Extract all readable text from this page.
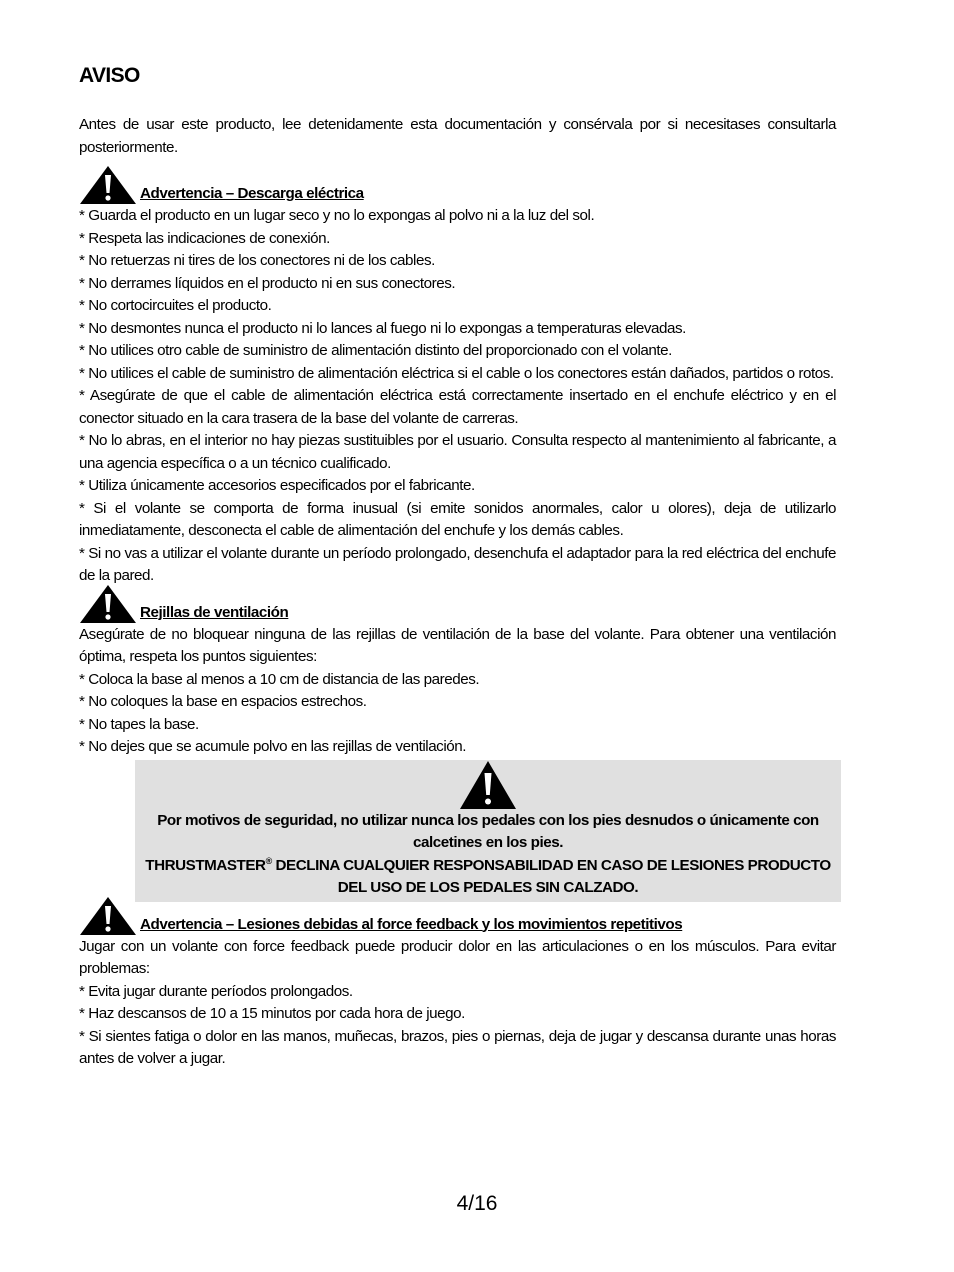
AVISO

Antes de usar este producto, lee detenidamente esta documentación y consérvala por si necesitases consultarla posteriormente.

Advertencia – Descarga eléctrica
* Guarda el producto en un lugar seco y no lo expongas al polvo ni a la luz del sol.
* Respeta las indicaciones de conexión.
* No retuerzas ni tires de los conectores ni de los cables.
* No derrames líquidos en el producto ni en sus conectores.
* No cortocircuites el producto.
* No desmontes nunca el producto ni lo lances al fuego ni lo expongas a temperaturas elevadas.
* No utilices otro cable de suministro de alimentación distinto del proporcionado con el volante.
* No utilices el cable de suministro de alimentación eléctrica si el cable o los conectores están dañados, partidos o rotos.
* Asegúrate de que el cable de alimentación eléctrica está correctamente insertado en el enchufe eléctrico y en el conector situado en la cara trasera de la base del volante de carreras.
* No lo abras, en el interior no hay piezas sustituibles por el usuario. Consulta respecto al mantenimiento al fabricante, a una agencia específica o a un técnico cualificado.
* Utiliza únicamente accesorios especificados por el fabricante.
* Si el volante se comporta de forma inusual (si emite sonidos anormales, calor u olores), deja de utilizarlo inmediatamente, desconecta el cable de alimentación del enchufe y los demás cables.
* Si no vas a utilizar el volante durante un período prolongado, desenchufa el adaptador para la red eléctrica del enchufe de la pared.
Rejillas de ventilación

Asegúrate de no bloquear ninguna de las rejillas de ventilación de la base del volante. Para obtener una ventilación óptima, respeta los puntos siguientes:

* Coloca la base al menos a 10 cm de distancia de las paredes.
* No coloques la base en espacios estrechos.
* No tapes la base.
* No dejes que se acumule polvo en las rejillas de ventilación.

Por motivos de seguridad, no utilizar nunca los pedales con los pies desnudos o únicamente con calcetines en los pies.

THRUSTMASTER® DECLINA CUALQUIER RESPONSABILIDAD EN CASO DE LESIONES PRODUCTO DEL USO DE LOS PEDALES SIN CALZADO.

Advertencia – Lesiones debidas al force feedback y los movimientos repetitivos

Jugar con un volante con force feedback puede producir dolor en las articulaciones o en los músculos. Para evitar problemas:

* Evita jugar durante períodos prolongados.
* Haz descansos de 10 a 15 minutos por cada hora de juego.
* Si sientes fatiga o dolor en las manos, muñecas, brazos, pies o piernas, deja de jugar y descansa durante unas horas antes de volver a jugar.
4/16
